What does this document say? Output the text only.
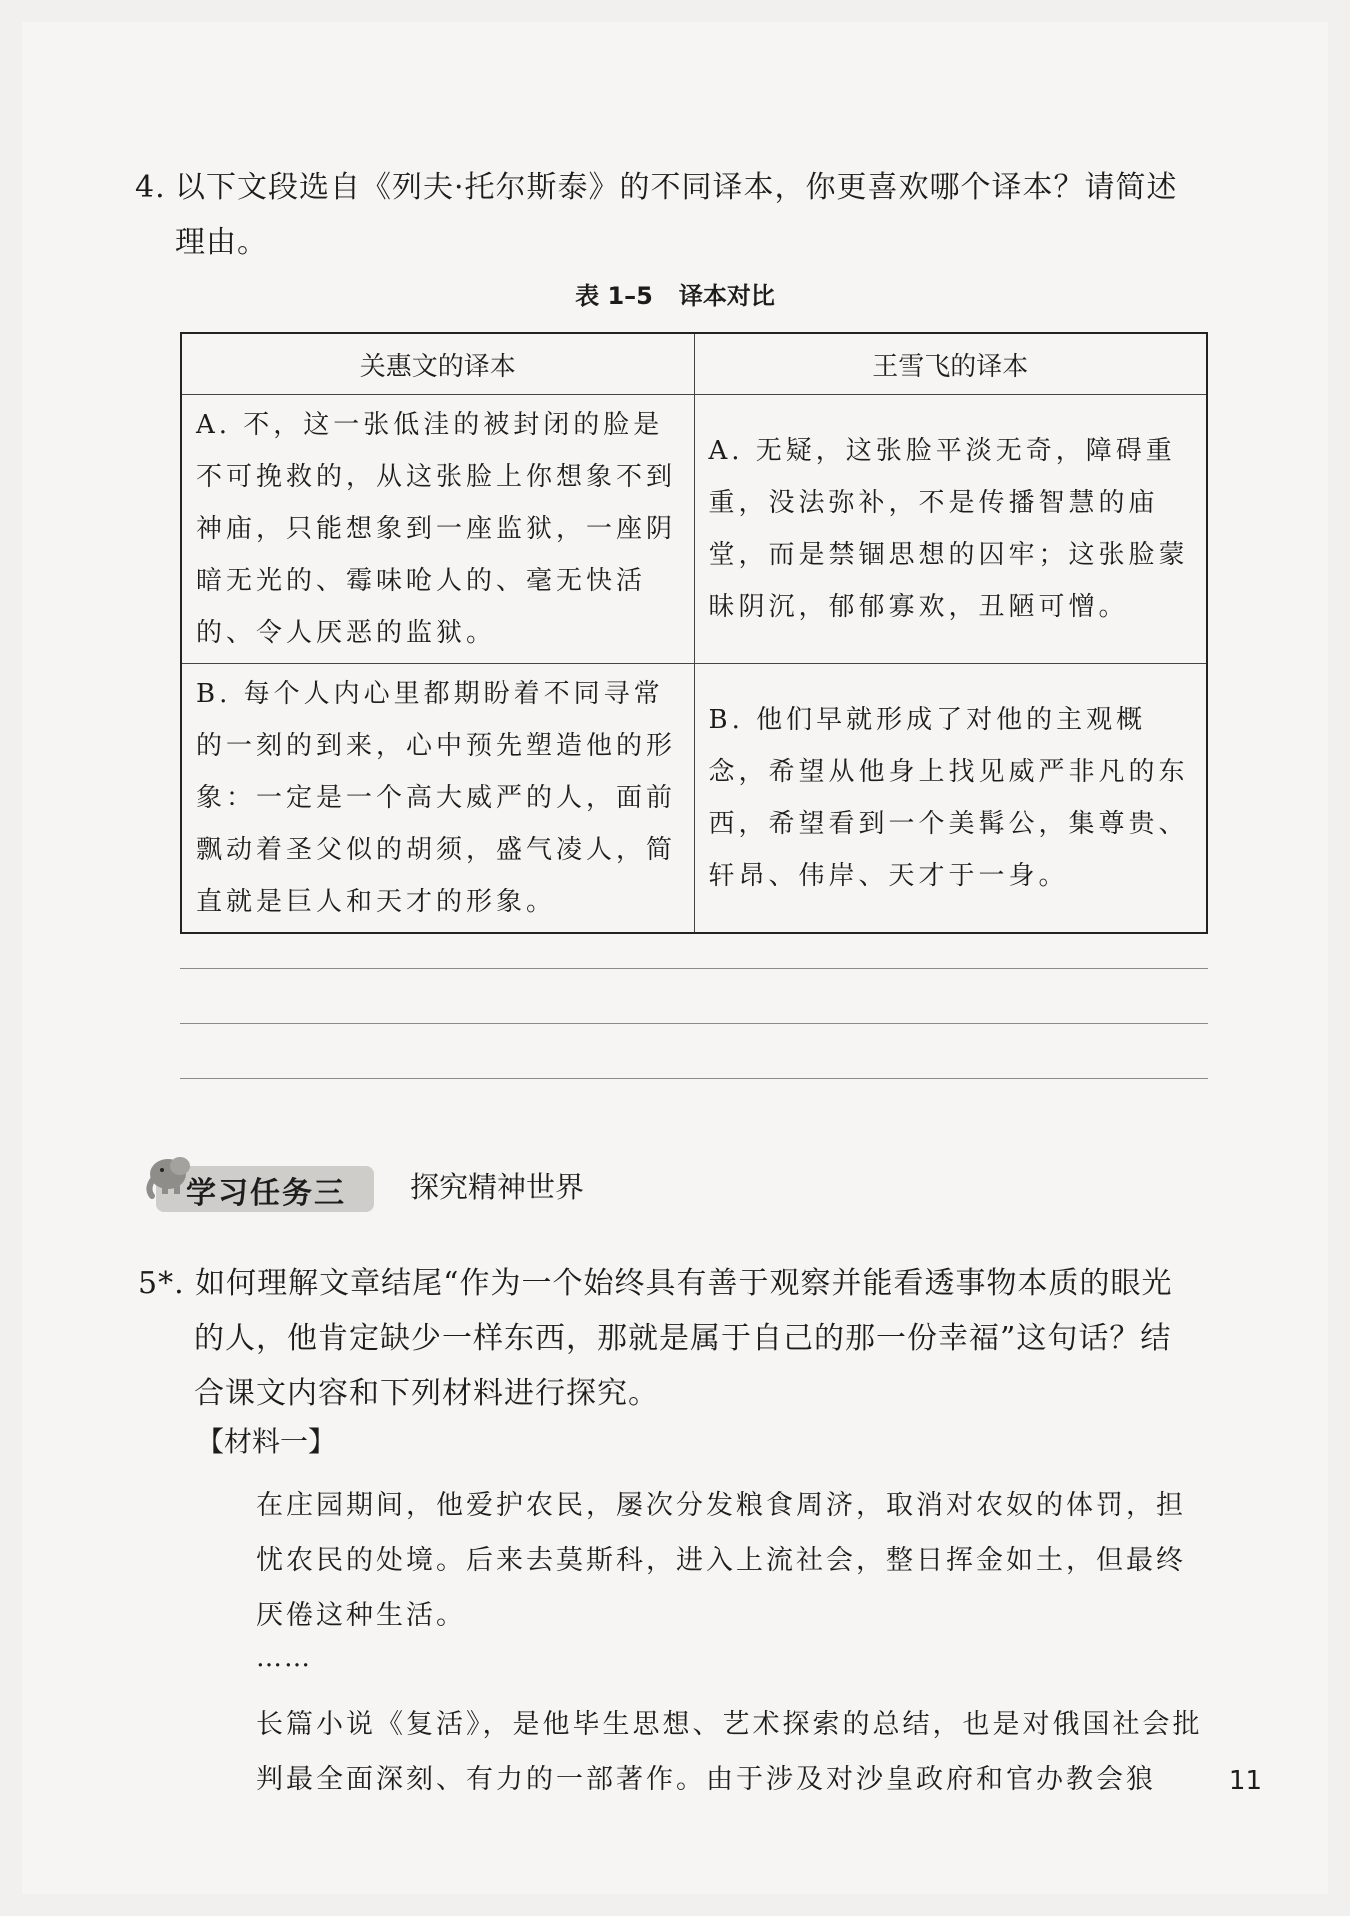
4. 以下文段选自《列夫·托尔斯泰》的不同译本，你更喜欢哪个译本？请简述
理由。
表 1–5 译本对比
关惠文的译本	王雪飞的译本
A. 不，这一张低洼的被封闭的脸是不可挽救的，从这张脸上你想象不到神庙，只能想象到一座监狱，一座阴暗无光的、霉味呛人的、毫无快活的、令人厌恶的监狱。	A. 无疑，这张脸平淡无奇，障碍重重，没法弥补，不是传播智慧的庙堂，而是禁锢思想的囚牢；这张脸蒙昧阴沉，郁郁寡欢，丑陋可憎。
B. 每个人内心里都期盼着不同寻常的一刻的到来，心中预先塑造他的形象：一定是一个高大威严的人，面前飘动着圣父似的胡须，盛气凌人，简直就是巨人和天才的形象。	B. 他们早就形成了对他的主观概念，希望从他身上找见威严非凡的东西，希望看到一个美髯公，集尊贵、轩昂、伟岸、天才于一身。
学习任务三 探究精神世界
5*. 如何理解文章结尾“作为一个始终具有善于观察并能看透事物本质的眼光
的人，他肯定缺少一样东西，那就是属于自己的那一份幸福”这句话？结
合课文内容和下列材料进行探究。
【材料一】
在庄园期间，他爱护农民，屡次分发粮食周济，取消对农奴的体罚，担忧农民的处境。后来去莫斯科，进入上流社会，整日挥金如土，但最终厌倦这种生活。
……
长篇小说《复活》，是他毕生思想、艺术探索的总结，也是对俄国社会批判最全面深刻、有力的一部著作。由于涉及对沙皇政府和官办教会狼	11
